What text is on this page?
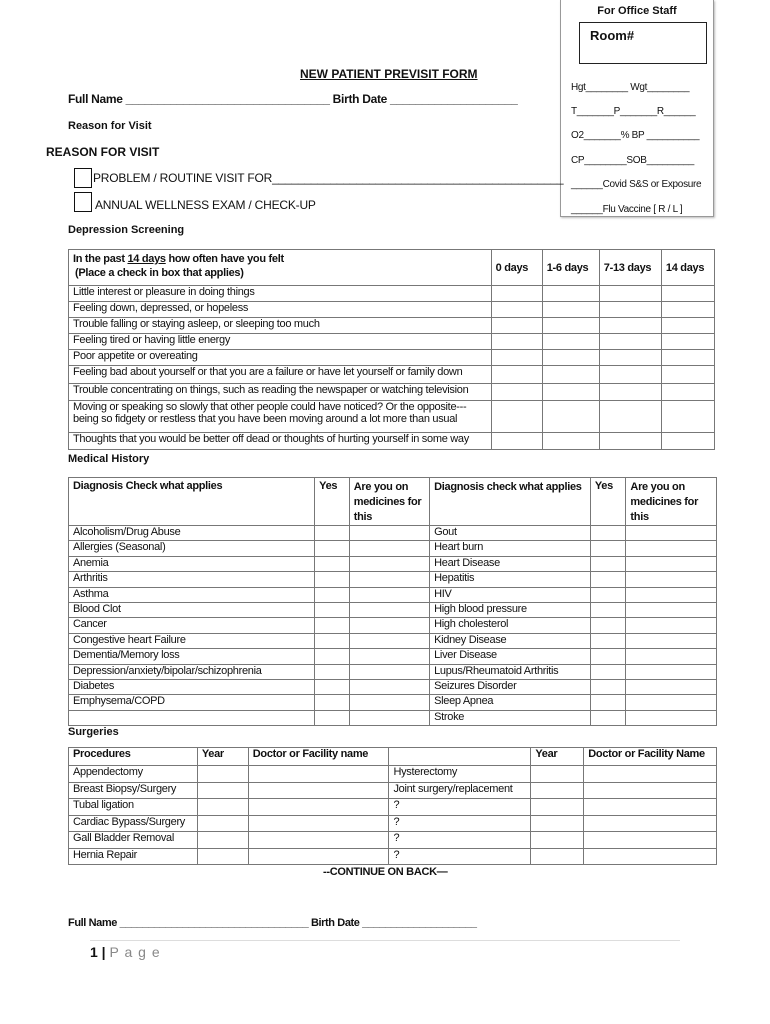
For Office Staff
Room#
Hgt________ Wgt________
T_______P_______R______
O2_______% BP __________
CP________SOB_________
______Covid S&S or Exposure
______Flu Vaccine [ R / L ]
NEW PATIENT PREVISIT FORM
Full Name ________________________________ Birth Date ____________________
Reason for Visit
REASON FOR VISIT
PROBLEM / ROUTINE VISIT FOR_____________________________________________
ANNUAL WELLNESS EXAM / CHECK-UP
Depression Screening
In the past 14 days how often have you felt
(Place a check in box that applies)	0 days	1-6 days	7-13 days	14 days
Little interest or pleasure in doing things				
Feeling down, depressed, or hopeless				
Trouble falling or staying asleep, or sleeping too much				
Feeling tired or having little energy				
Poor appetite or overeating				
Feeling bad about yourself or that you are a failure or have let yourself or family down				
Trouble concentrating on things, such as reading the newspaper or watching television				

Moving or speaking so slowly that other people could have noticed? Or the opposite---
being so fidgety or restless that you have been moving around a lot more than usual				

Thoughts that you would be better off dead or thoughts of hurting yourself in some way				
Medical History
Diagnosis Check what applies	Yes	Are you on medicines for this	Diagnosis check what applies	Yes	Are you on medicines for this
Alcoholism/Drug Abuse			Gout		
Allergies (Seasonal)			Heart burn		
Anemia			Heart Disease		
Arthritis			Hepatitis		
Asthma			HIV		
Blood Clot			High blood pressure		
Cancer			High cholesterol		
Congestive heart Failure			Kidney Disease		
Dementia/Memory loss			Liver Disease		
Depression/anxiety/bipolar/schizophrenia			Lupus/Rheumatoid Arthritis		
Diabetes			Seizures Disorder		
Emphysema/COPD			Sleep Apnea		
			Stroke		
Surgeries
Procedures	Year	Doctor or Facility name		Year	Doctor or Facility Name
Appendectomy			Hysterectomy		
Breast Biopsy/Surgery			Joint surgery/replacement		
Tubal ligation			?		
Cardiac Bypass/Surgery			?		
Gall Bladder Removal			?		
Hernia Repair			?		
--CONTINUE ON BACK—
Full Name _________________________________ Birth Date ____________________
1 | P a g e
